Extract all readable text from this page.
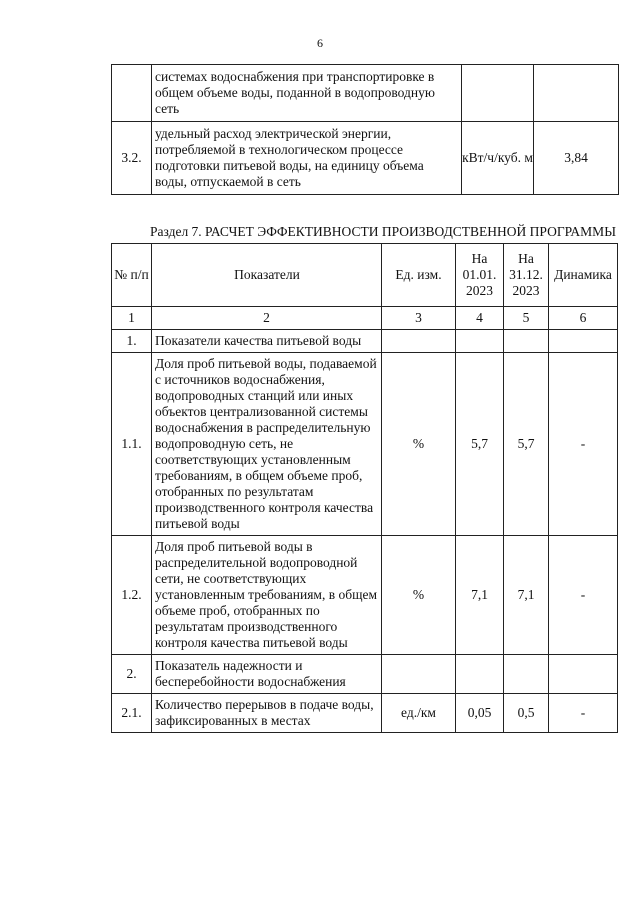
6
	системах водоснабжения при транспортировке в общем объеме воды, поданной в водопроводную сеть		
3.2.	удельный расход электрической энергии, потребляемой в технологическом процессе подготовки питьевой воды, на единицу объема воды, отпускаемой в сеть	кВт/ч/куб. м	3,84
Раздел 7. РАСЧЕТ ЭФФЕКТИВНОСТИ ПРОИЗВОДСТВЕННОЙ ПРОГРАММЫ
№ п/п	Показатели	Ед. изм.	На 01.01. 2023	На 31.12. 2023	Динамика
1	2	3	4	5	6
1.	Показатели качества питьевой воды				
1.1.	Доля проб питьевой воды, подаваемой с источников водоснабжения, водопроводных станций или иных объектов централизованной системы водоснабжения в распределительную водопроводную сеть, не соответствующих установленным требованиям, в общем объеме проб, отобранных по результатам производственного контроля качества питьевой воды	%	5,7	5,7	-
1.2.	Доля проб питьевой воды в распределительной водопроводной сети, не соответствующих установленным требованиям, в общем объеме проб, отобранных по результатам производственного контроля качества питьевой воды	%	7,1	7,1	-
2.	Показатель надежности и бесперебойности водоснабжения				
2.1.	Количество перерывов в подаче воды, зафиксированных в местах	ед./км	0,05	0,5	-
